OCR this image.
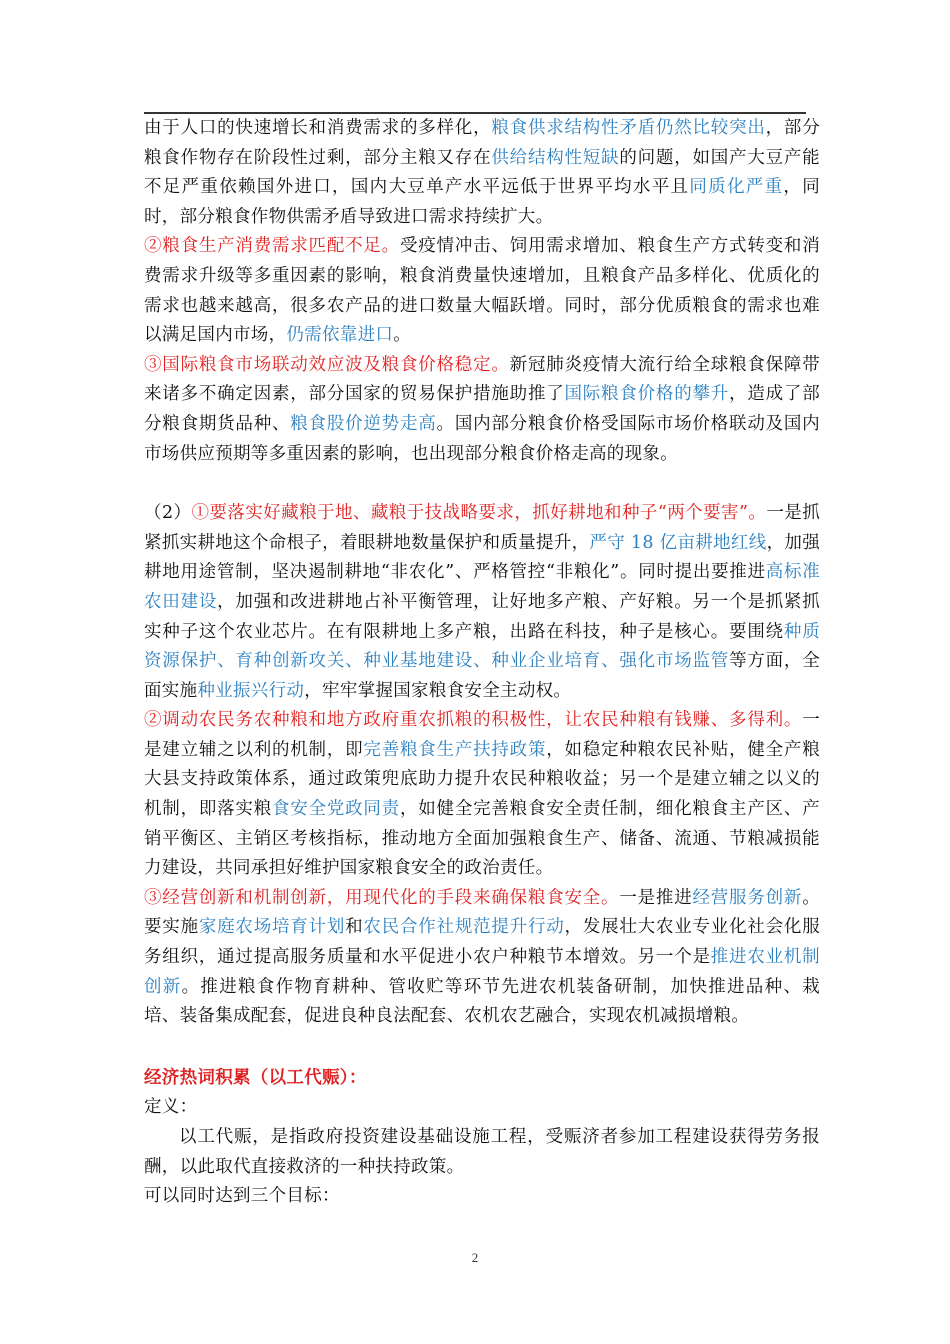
由于人口的快速增长和消费需求的多样化，粮食供求结构性矛盾仍然比较突出，部分粮食作物存在阶段性过剩，部分主粮又存在供给结构性短缺的问题，如国产大豆产能不足严重依赖国外进口，国内大豆单产水平远低于世界平均水平且同质化严重，同时，部分粮食作物供需矛盾导致进口需求持续扩大。

②粮食生产消费需求匹配不足。受疫情冲击、饲用需求增加、粮食生产方式转变和消费需求升级等多重因素的影响，粮食消费量快速增加，且粮食产品多样化、优质化的需求也越来越高，很多农产品的进口数量大幅跃增。同时，部分优质粮食的需求也难以满足国内市场，仍需依靠进口。

③国际粮食市场联动效应波及粮食价格稳定。新冠肺炎疫情大流行给全球粮食保障带来诸多不确定因素，部分国家的贸易保护措施助推了国际粮食价格的攀升，造成了部分粮食期货品种、粮食股价逆势走高。国内部分粮食价格受国际市场价格联动及国内市场供应预期等多重因素的影响，也出现部分粮食价格走高的现象。

（2）①要落实好藏粮于地、藏粮于技战略要求，抓好耕地和种子“两个要害”。一是抓紧抓实耕地这个命根子，着眼耕地数量保护和质量提升，严守 18 亿亩耕地红线，加强耕地用途管制，坚决遏制耕地“非农化”、严格管控“非粮化”。同时提出要推进高标准农田建设，加强和改进耕地占补平衡管理，让好地多产粮、产好粮。另一个是抓紧抓实种子这个农业芯片。在有限耕地上多产粮，出路在科技，种子是核心。要围绕种质资源保护、育种创新攻关、种业基地建设、种业企业培育、强化市场监管等方面，全面实施种业振兴行动，牢牢掌握国家粮食安全主动权。

②调动农民务农种粮和地方政府重农抓粮的积极性，让农民种粮有钱赚、多得利。一是建立辅之以利的机制，即完善粮食生产扶持政策，如稳定种粮农民补贴，健全产粮大县支持政策体系，通过政策兜底助力提升农民种粮收益；另一个是建立辅之以义的机制，即落实粮食安全党政同责，如健全完善粮食安全责任制，细化粮食主产区、产销平衡区、主销区考核指标，推动地方全面加强粮食生产、储备、流通、节粮减损能力建设，共同承担好维护国家粮食安全的政治责任。

③经营创新和机制创新，用现代化的手段来确保粮食安全。一是推进经营服务创新。要实施家庭农场培育计划和农民合作社规范提升行动，发展壮大农业专业化社会化服务组织，通过提高服务质量和水平促进小农户种粮节本增效。另一个是推进农业机制创新。推进粮食作物育耕种、管收贮等环节先进农机装备研制，加快推进品种、栽培、装备集成配套，促进良种良法配套、农机农艺融合，实现农机减损增粮。

经济热词积累（以工代赈）：

定义：

以工代赈，是指政府投资建设基础设施工程，受赈济者参加工程建设获得劳务报酬，以此取代直接救济的一种扶持政策。

可以同时达到三个目标：

2
